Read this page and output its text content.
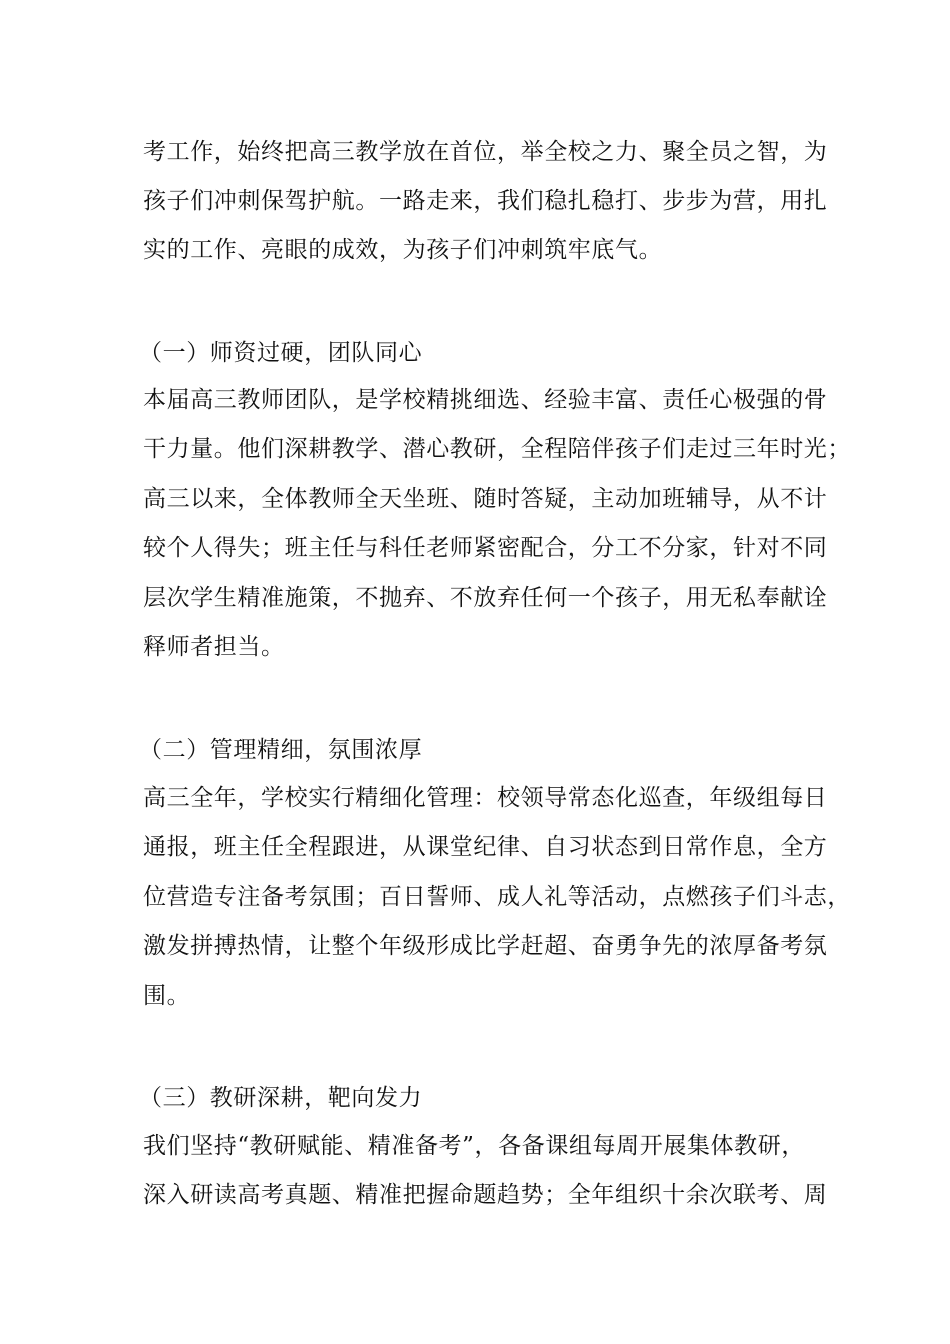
考工作，始终把高三教学放在首位，举全校之力、聚全员之智，为
孩子们冲刺保驾护航。一路走来，我们稳扎稳打、步步为营，用扎
实的工作、亮眼的成效，为孩子们冲刺筑牢底气。
（一）师资过硬，团队同心
本届高三教师团队，是学校精挑细选、经验丰富、责任心极强的骨
干力量。他们深耕教学、潜心教研，全程陪伴孩子们走过三年时光；
高三以来，全体教师全天坐班、随时答疑，主动加班辅导，从不计
较个人得失；班主任与科任老师紧密配合，分工不分家，针对不同
层次学生精准施策，不抛弃、不放弃任何一个孩子，用无私奉献诠
释师者担当。
（二）管理精细，氛围浓厚
高三全年，学校实行精细化管理：校领导常态化巡查，年级组每日
通报，班主任全程跟进，从课堂纪律、自习状态到日常作息，全方
位营造专注备考氛围；百日誓师、成人礼等活动，点燃孩子们斗志，
激发拼搏热情，让整个年级形成比学赶超、奋勇争先的浓厚备考氛
围。
（三）教研深耕，靶向发力
我们坚持“教研赋能、精准备考”，各备课组每周开展集体教研，
深入研读高考真题、精准把握命题趋势；全年组织十余次联考、周
